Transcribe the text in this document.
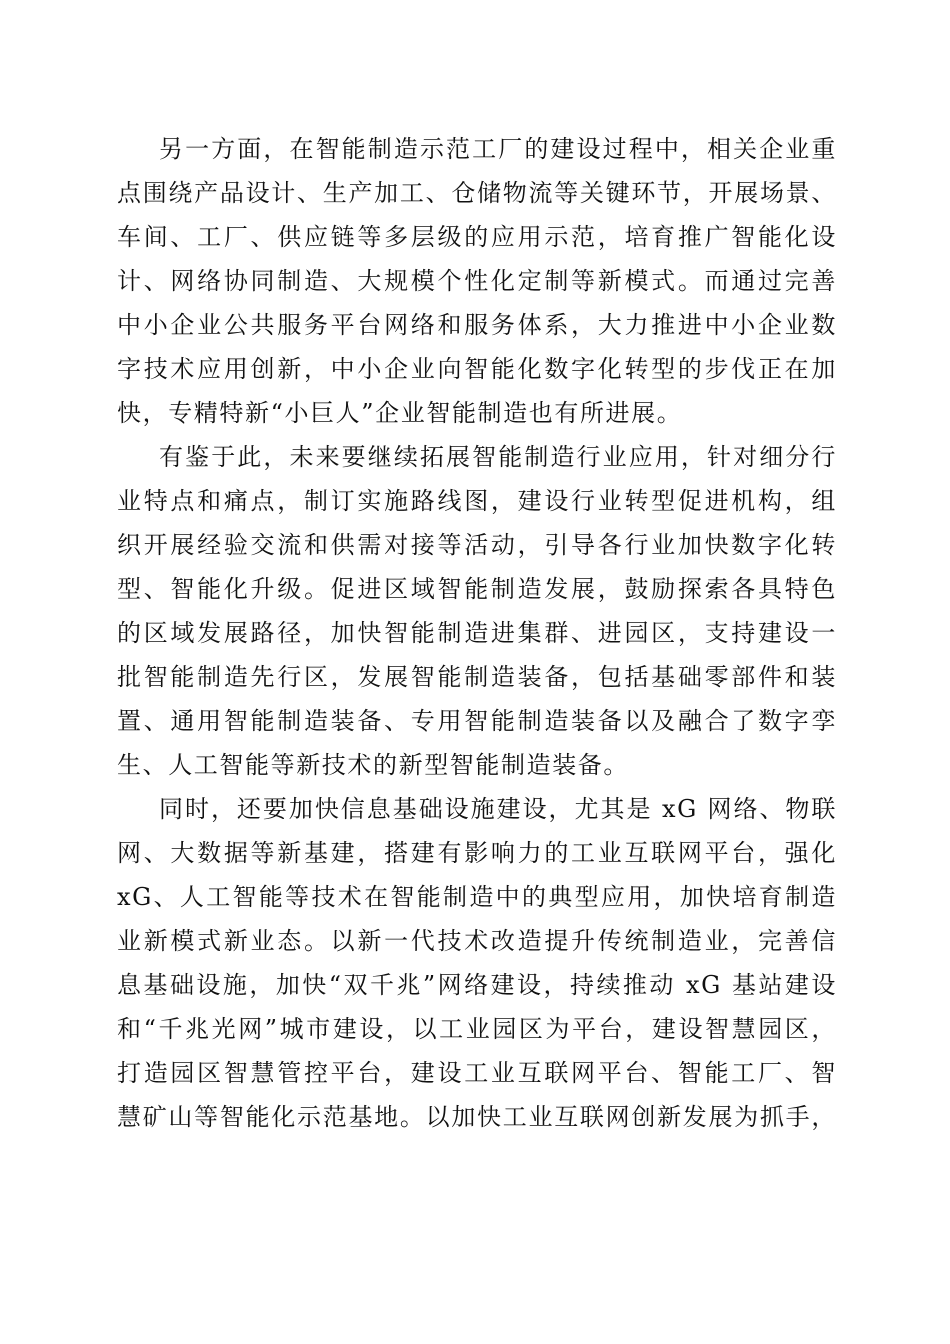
另一方面，在智能制造示范工厂的建设过程中，相关企业重
点围绕产品设计、生产加工、仓储物流等关键环节，开展场景、
车间、工厂、供应链等多层级的应用示范，培育推广智能化设
计、网络协同制造、大规模个性化定制等新模式。而通过完善
中小企业公共服务平台网络和服务体系，大力推进中小企业数
字技术应用创新，中小企业向智能化数字化转型的步伐正在加
快，专精特新“小巨人”企业智能制造也有所进展。
有鉴于此，未来要继续拓展智能制造行业应用，针对细分行
业特点和痛点，制订实施路线图，建设行业转型促进机构，组
织开展经验交流和供需对接等活动，引导各行业加快数字化转
型、智能化升级。促进区域智能制造发展，鼓励探索各具特色
的区域发展路径，加快智能制造进集群、进园区，支持建设一
批智能制造先行区，发展智能制造装备，包括基础零部件和装
置、通用智能制造装备、专用智能制造装备以及融合了数字孪
生、人工智能等新技术的新型智能制造装备。
同时，还要加快信息基础设施建设，尤其是 xG 网络、物联
网、大数据等新基建，搭建有影响力的工业互联网平台，强化
xG、人工智能等技术在智能制造中的典型应用，加快培育制造
业新模式新业态。以新一代技术改造提升传统制造业，完善信
息基础设施，加快“双千兆”网络建设，持续推动 xG 基站建设
和“千兆光网”城市建设，以工业园区为平台，建设智慧园区，
打造园区智慧管控平台，建设工业互联网平台、智能工厂、智
慧矿山等智能化示范基地。以加快工业互联网创新发展为抓手，
